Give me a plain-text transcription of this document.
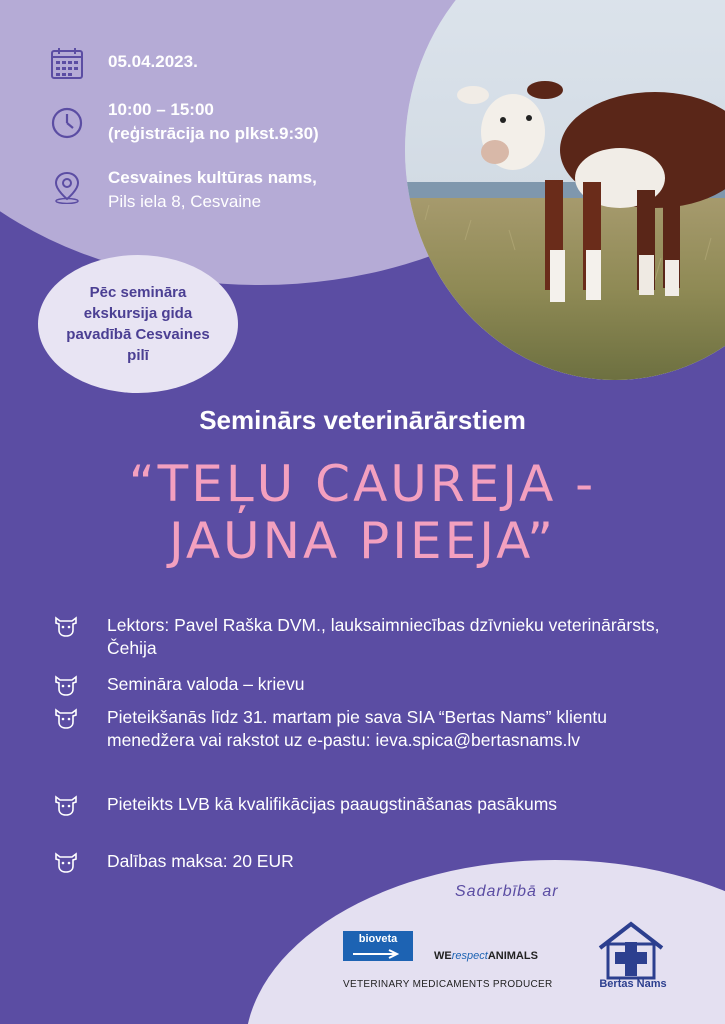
05.04.2023.
10:00 – 15:00
(reģistrācija no plkst.9:30)
Cesvaines kultūras nams,
Pils iela 8, Cesvaine
Pēc semināra ekskursija gida pavadībā Cesvaines pilī
Seminārs veterinārārstiem
“TEĻU CAUREJA -
JAUNA PIEEJA”
Lektors: Pavel Raška DVM., lauksaimniecības dzīvnieku veterinārārsts, Čehija
Semināra valoda – krievu
Pieteikšanās līdz 31. martam pie sava SIA “Bertas Nams” klientu menedžera vai rakstot uz e-pastu: ieva.spica@bertasnams.lv
Pieteikts LVB kā kvalifikācijas paaugstināšanas pasākums
Dalības maksa: 20 EUR
Sadarbībā ar
bioveta
WErespectANIMALS
VETERINARY MEDICAMENTS PRODUCER	Bertas Nams
